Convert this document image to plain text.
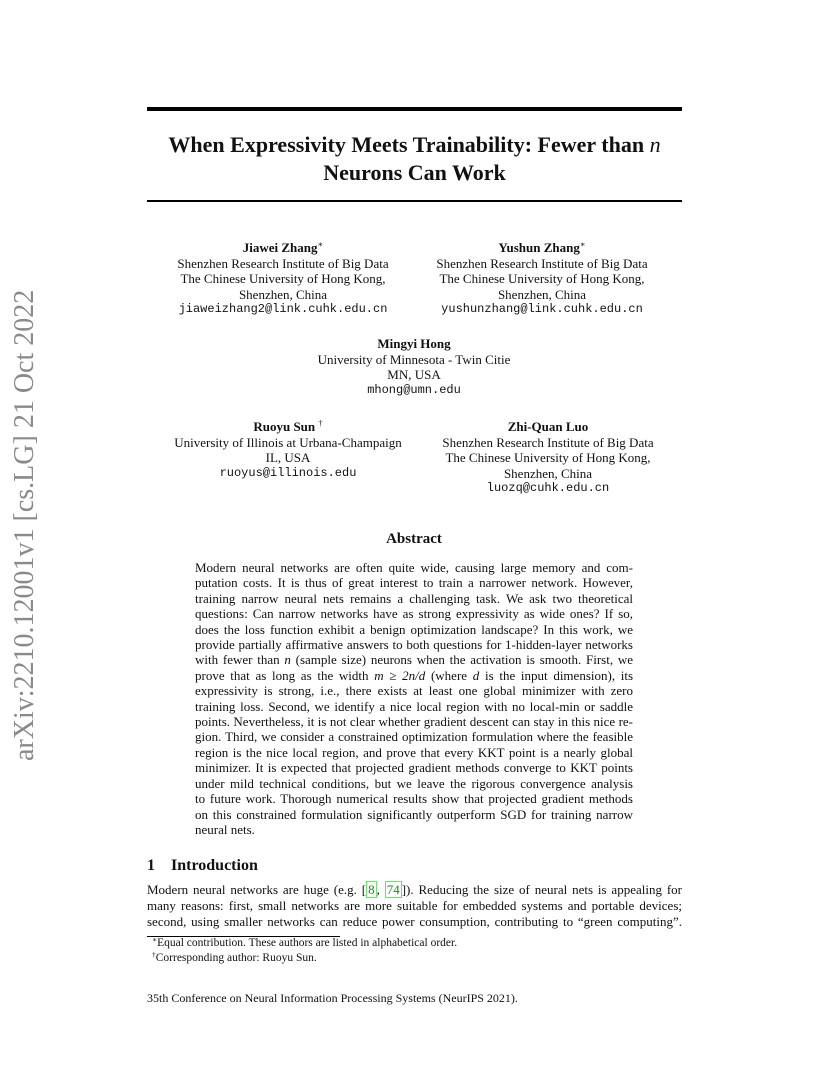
arXiv:2210.12001v1 [cs.LG] 21 Oct 2022
When Expressivity Meets Trainability: Fewer than n
Neurons Can Work
Jiawei Zhang∗
Shenzhen Research Institute of Big Data
The Chinese University of Hong Kong,
Shenzhen, China
jiaweizhang2@link.cuhk.edu.cn
Yushun Zhang∗
Shenzhen Research Institute of Big Data
The Chinese University of Hong Kong,
Shenzhen, China
yushunzhang@link.cuhk.edu.cn
Mingyi Hong
University of Minnesota - Twin Citie
MN, USA
mhong@umn.edu
Ruoyu Sun †
University of Illinois at Urbana-Champaign
IL, USA
ruoyus@illinois.edu
Zhi-Quan Luo
Shenzhen Research Institute of Big Data
The Chinese University of Hong Kong,
Shenzhen, China
luozq@cuhk.edu.cn
Abstract
Modern neural networks are often quite wide, causing large memory and com-
putation costs. It is thus of great interest to train a narrower network. However,
training narrow neural nets remains a challenging task. We ask two theoretical
questions: Can narrow networks have as strong expressivity as wide ones? If so,
does the loss function exhibit a benign optimization landscape? In this work, we
provide partially affirmative answers to both questions for 1-hidden-layer networks
with fewer than n (sample size) neurons when the activation is smooth. First, we
prove that as long as the width m ≥ 2n/d (where d is the input dimension), its
expressivity is strong, i.e., there exists at least one global minimizer with zero
training loss. Second, we identify a nice local region with no local-min or saddle
points. Nevertheless, it is not clear whether gradient descent can stay in this nice re-
gion. Third, we consider a constrained optimization formulation where the feasible
region is the nice local region, and prove that every KKT point is a nearly global
minimizer. It is expected that projected gradient methods converge to KKT points
under mild technical conditions, but we leave the rigorous convergence analysis
to future work. Thorough numerical results show that projected gradient methods
on this constrained formulation significantly outperform SGD for training narrow
neural nets.
1 Introduction
Modern neural networks are huge (e.g. [ 8 , 74 ]). Reducing the size of neural nets is appealing for
many reasons: first, small networks are more suitable for embedded systems and portable devices;
second, using smaller networks can reduce power consumption, contributing to “green computing”.
∗Equal contribution. These authors are listed in alphabetical order.
†Corresponding author: Ruoyu Sun.
35th Conference on Neural Information Processing Systems (NeurIPS 2021).
